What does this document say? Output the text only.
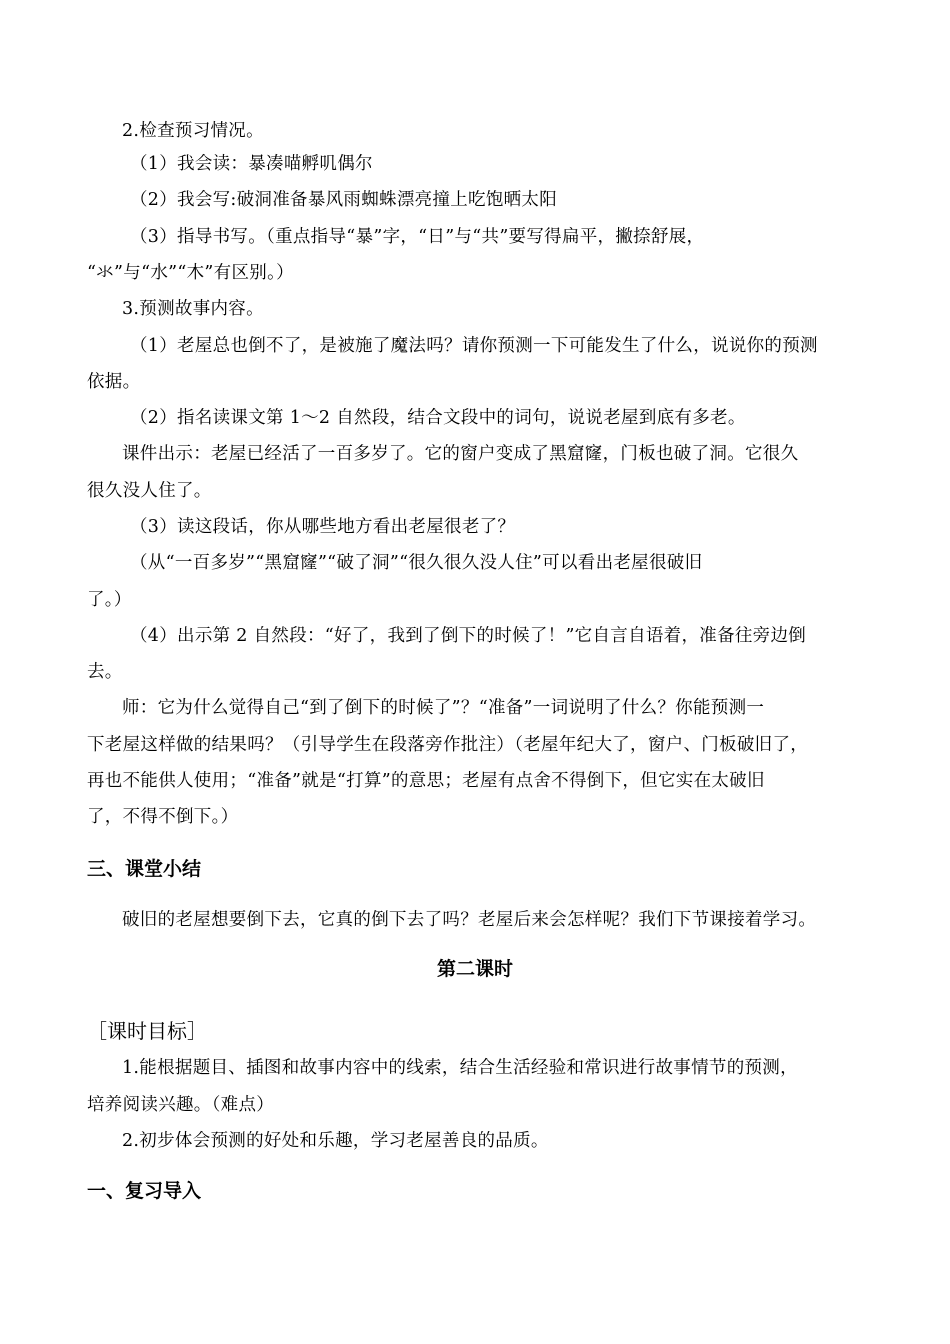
2.检查预习情况。
（1）我会读：暴凑喵孵叽偶尔
（2）我会写:破洞准备暴风雨蜘蛛漂亮撞上吃饱晒太阳
（3）指导书写。（重点指导“暴”字，“日”与“共”要写得扁平，撇捺舒展，
“氺”与“水”“木”有区别。）
3.预测故事内容。
（1）老屋总也倒不了，是被施了魔法吗？请你预测一下可能发生了什么，说说你的预测
依据。
（2）指名读课文第 1～2 自然段，结合文段中的词句，说说老屋到底有多老。
课件出示：老屋已经活了一百多岁了。它的窗户变成了黑窟窿，门板也破了洞。它很久
很久没人住了。
（3）读这段话，你从哪些地方看出老屋很老了？
（从“一百多岁”“黑窟窿”“破了洞”“很久很久没人住”可以看出老屋很破旧
了。）
（4）出示第 2 自然段：“好了，我到了倒下的时候了！”它自言自语着，准备往旁边倒
去。
师：它为什么觉得自己“到了倒下的时候了”？“准备”一词说明了什么？你能预测一
下老屋这样做的结果吗？（引导学生在段落旁作批注）（老屋年纪大了，窗户、门板破旧了，
再也不能供人使用；“准备”就是“打算”的意思；老屋有点舍不得倒下，但它实在太破旧
了，不得不倒下。）
三、课堂小结
破旧的老屋想要倒下去，它真的倒下去了吗？老屋后来会怎样呢？我们下节课接着学习。
第二课时
［课时目标］
1.能根据题目、插图和故事内容中的线索，结合生活经验和常识进行故事情节的预测，
培养阅读兴趣。（难点）
2.初步体会预测的好处和乐趣，学习老屋善良的品质。
一、复习导入
